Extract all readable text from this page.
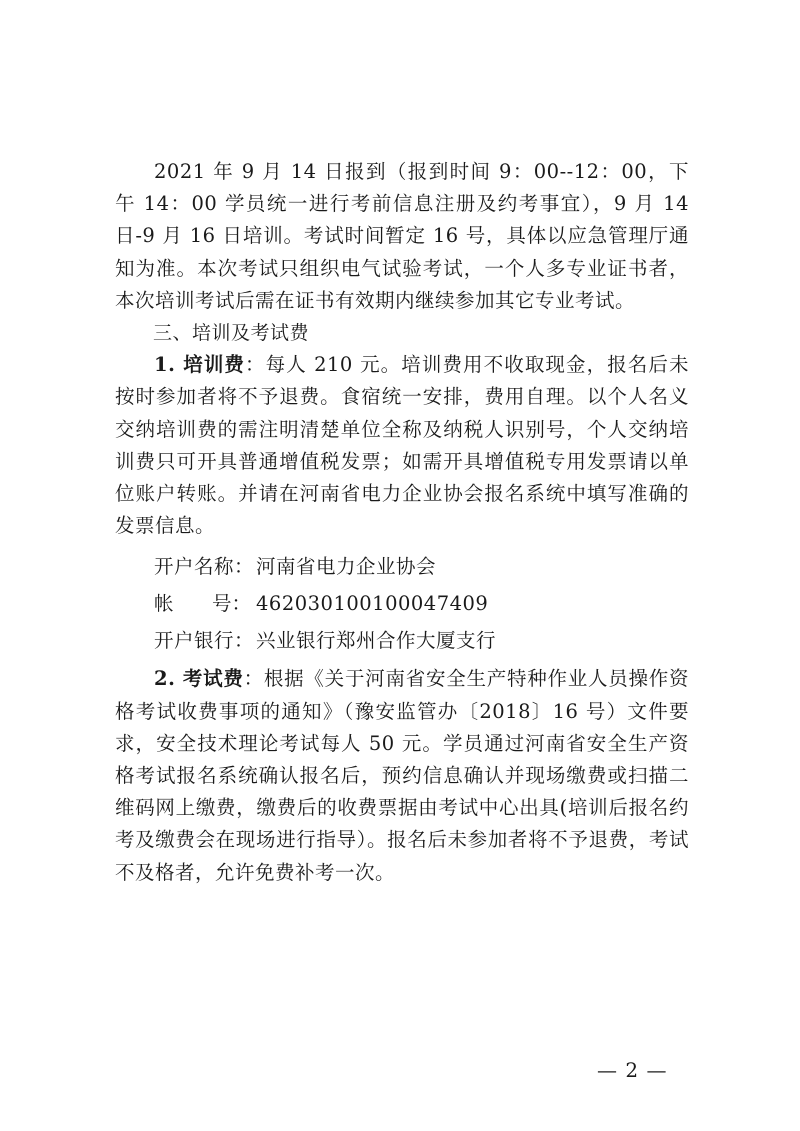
2021 年 9 月 14 日报到（报到时间 9：00--12：00，下午 14：00 学员统一进行考前信息注册及约考事宜），9 月 14 日-9 月 16 日培训。考试时间暂定 16 号，具体以应急管理厅通知为准。本次考试只组织电气试验考试，一个人多专业证书者，本次培训考试后需在证书有效期内继续参加其它专业考试。

三、培训及考试费

1. 培训费：每人 210 元。培训费用不收取现金，报名后未按时参加者将不予退费。食宿统一安排，费用自理。以个人名义交纳培训费的需注明清楚单位全称及纳税人识别号，个人交纳培训费只可开具普通增值税发票；如需开具增值税专用发票请以单位账户转账。并请在河南省电力企业协会报名系统中填写准确的发票信息。

开户名称： 河南省电力企业协会

帐 号： 462030100100047409

开户银行： 兴业银行郑州合作大厦支行

2. 考试费：根据《关于河南省安全生产特种作业人员操作资格考试收费事项的通知》（豫安监管办〔2018〕16 号）文件要求，安全技术理论考试每人 50 元。学员通过河南省安全生产资格考试报名系统确认报名后，预约信息确认并现场缴费或扫描二维码网上缴费，缴费后的收费票据由考试中心出具(培训后报名约考及缴费会在现场进行指导）。报名后未参加者将不予退费，考试不及格者，允许免费补考一次。

— 2 —
